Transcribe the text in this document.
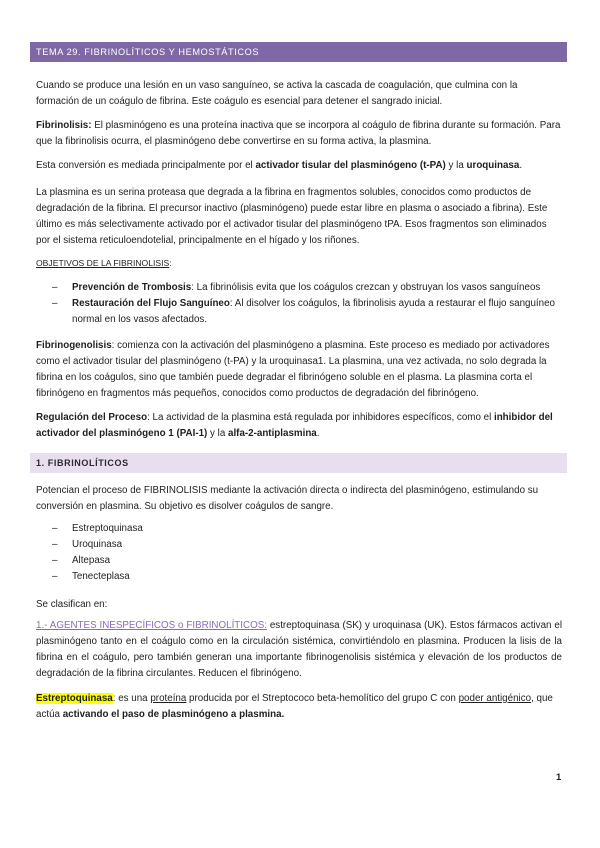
TEMA 29. FIBRINOLÍTICOS Y HEMOSTÁTICOS

Cuando se produce una lesión en un vaso sanguíneo, se activa la cascada de coagulación, que culmina con la formación de un coágulo de fibrina. Este coágulo es esencial para detener el sangrado inicial.

Fibrinolisis: El plasminógeno es una proteína inactiva que se incorpora al coágulo de fibrina durante su formación. Para que la fibrinolisis ocurra, el plasminógeno debe convertirse en su forma activa, la plasmina.

Esta conversión es mediada principalmente por el activador tisular del plasminógeno (t-PA) y la uroquinasa.

La plasmina es un serina proteasa que degrada a la fibrina en fragmentos solubles, conocidos como productos de degradación de la fibrina. El precursor inactivo (plasminógeno) puede estar libre en plasma o asociado a fibrina). Este último es más selectivamente activado por el activador tisular del plasminógeno tPA. Esos fragmentos son eliminados por el sistema reticuloendotelial, principalmente en el hígado y los riñones.

OBJETIVOS DE LA FIBRINOLISIS:
– Prevención de Trombosis: La fibrinólisis evita que los coágulos crezcan y obstruyan los vasos sanguíneos
– Restauración del Flujo Sanguíneo: Al disolver los coágulos, la fibrinolisis ayuda a restaurar el flujo sanguíneo normal en los vasos afectados.

Fibrinogenolisis: comienza con la activación del plasminógeno a plasmina. Este proceso es mediado por activadores como el activador tisular del plasminógeno (t-PA) y la uroquinasa1. La plasmina, una vez activada, no solo degrada la fibrina en los coágulos, sino que también puede degradar el fibrinógeno soluble en el plasma. La plasmina corta el fibrinógeno en fragmentos más pequeños, conocidos como productos de degradación del fibrinógeno.

Regulación del Proceso: La actividad de la plasmina está regulada por inhibidores específicos, como el inhibidor del activador del plasminógeno 1 (PAI-1) y la alfa-2-antiplasmina.

1. FIBRINOLÍTICOS

Potencian el proceso de FIBRINOLISIS mediante la activación directa o indirecta del plasminógeno, estimulando su conversión en plasmina. Su objetivo es disolver coágulos de sangre.

– Estreptoquinasa
– Uroquinasa
– Altepasa
– Tenecteplasa

Se clasifican en:

1.- AGENTES INESPECÍFICOS o FIBRINOLÍTICOS: estreptoquinasa (SK) y uroquinasa (UK). Estos fármacos activan el plasminógeno tanto en el coágulo como en la circulación sistémica, convirtiéndolo en plasmina. Producen la lisis de la fibrina en el coágulo, pero también generan una importante fibrinogenolisis sistémica y elevación de los productos de degradación de la fibrina circulantes. Reducen el fibrinógeno.

Estreptoquinasa: es una proteína producida por el Streptococo beta-hemolítico del grupo C con poder antigénico, que actúa activando el paso de plasminógeno a plasmina.

1
